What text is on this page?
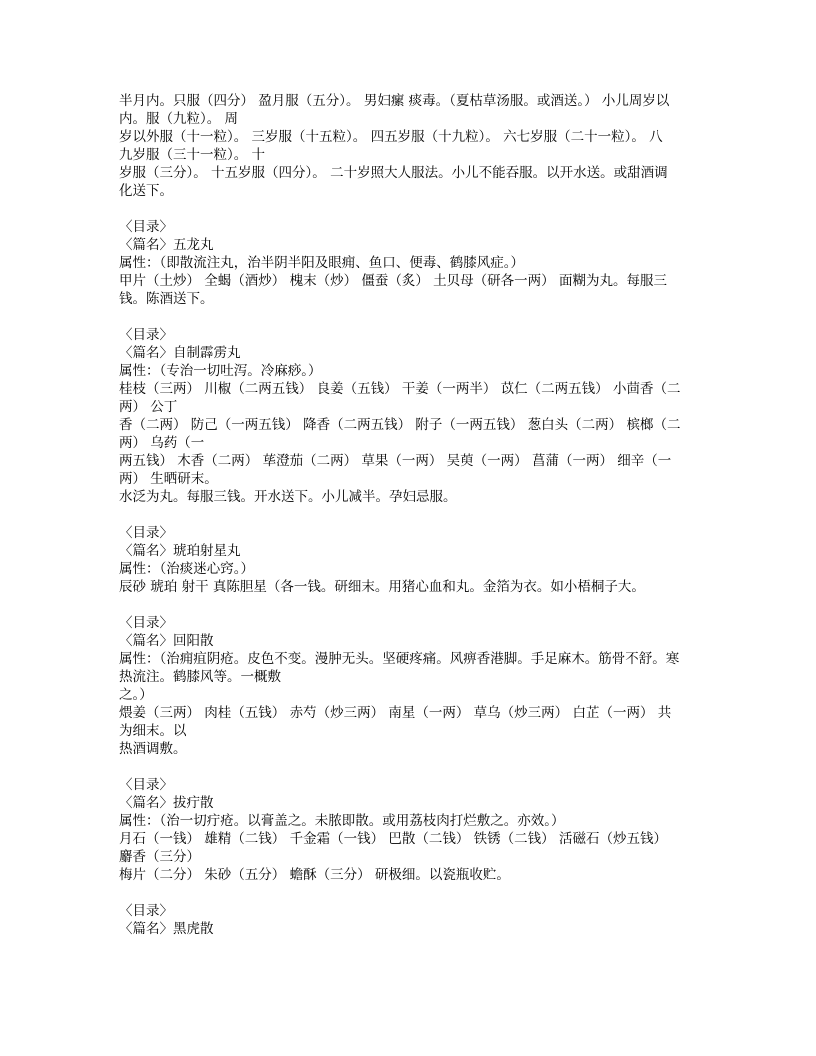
半月内。只服（四分） 盈月服（五分）。 男妇瘰 痰毒。（夏枯草汤服。或酒送。） 小儿周岁以
内。服（九粒）。 周
岁以外服（十一粒）。 三岁服（十五粒）。 四五岁服（十九粒）。 六七岁服（二十一粒）。 八
九岁服（三十一粒）。 十
岁服（三分）。 十五岁服（四分）。 二十岁照大人服法。小儿不能吞服。以开水送。或甜酒调
化送下。
〈目录〉
〈篇名〉五龙丸
属性：（即散流注丸，治半阴半阳及眼痈、鱼口、便毒、鹤膝风症。）
甲片（土炒） 全蝎（酒炒） 槐末（炒） 僵蚕（炙） 土贝母（研各一两） 面糊为丸。每服三
钱。陈酒送下。
〈目录〉
〈篇名〉自制霹雳丸
属性：（专治一切吐泻。冷麻痧。）
桂枝（三两） 川椒（二两五钱） 良姜（五钱） 干姜（一两半） 苡仁（二两五钱） 小茴香（二
两） 公丁
香（二两） 防己（一两五钱） 降香（二两五钱） 附子（一两五钱） 葱白头（二两） 槟榔（二
两） 乌药（一
两五钱） 木香（二两） 荜澄茄（二两） 草果（一两） 吴萸（一两） 菖蒲（一两） 细辛（一
两） 生晒研末。
水泛为丸。每服三钱。开水送下。小儿减半。孕妇忌服。
〈目录〉
〈篇名〉琥珀射星丸
属性：（治痰迷心窍。）
辰砂 琥珀 射干 真陈胆星（各一钱。研细末。用猪心血和丸。金箔为衣。如小梧桐子大。
〈目录〉
〈篇名〉回阳散
属性：（治痈疽阴疮。皮色不变。漫肿无头。坚硬疼痛。风痹香港脚。手足麻木。筋骨不舒。寒
热流注。鹤膝风等。一概敷
之。）
煨姜（三两） 肉桂（五钱） 赤芍（炒三两） 南星（一两） 草乌（炒三两） 白芷（一两） 共
为细末。以
热酒调敷。
〈目录〉
〈篇名〉拔疔散
属性：（治一切疔疮。以膏盖之。未脓即散。或用荔枝肉打烂敷之。亦效。）
月石（一钱） 雄精（二钱） 千金霜（一钱） 巴散（二钱） 铁锈（二钱） 活磁石（炒五钱）
麝香（三分）
梅片（二分） 朱砂（五分） 蟾酥（三分） 研极细。以瓷瓶收贮。
〈目录〉
〈篇名〉黑虎散
